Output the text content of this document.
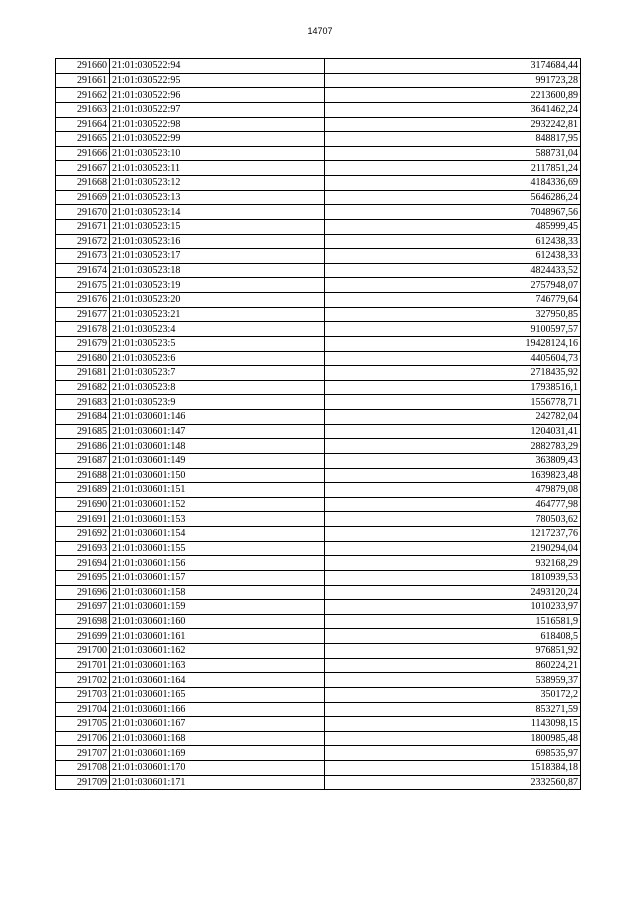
14707
291660	21:01:030522:94	3174684,44
291661	21:01:030522:95	991723,28
291662	21:01:030522:96	2213600,89
291663	21:01:030522:97	3641462,24
291664	21:01:030522:98	2932242,81
291665	21:01:030522:99	848817,95
291666	21:01:030523:10	588731,04
291667	21:01:030523:11	2117851,24
291668	21:01:030523:12	4184336,69
291669	21:01:030523:13	5646286,24
291670	21:01:030523:14	7048967,56
291671	21:01:030523:15	485999,45
291672	21:01:030523:16	612438,33
291673	21:01:030523:17	612438,33
291674	21:01:030523:18	4824433,52
291675	21:01:030523:19	2757948,07
291676	21:01:030523:20	746779,64
291677	21:01:030523:21	327950,85
291678	21:01:030523:4	9100597,57
291679	21:01:030523:5	19428124,16
291680	21:01:030523:6	4405604,73
291681	21:01:030523:7	2718435,92
291682	21:01:030523:8	17938516,1
291683	21:01:030523:9	1556778,71
291684	21:01:030601:146	242782,04
291685	21:01:030601:147	1204031,41
291686	21:01:030601:148	2882783,29
291687	21:01:030601:149	363809,43
291688	21:01:030601:150	1639823,48
291689	21:01:030601:151	479879,08
291690	21:01:030601:152	464777,98
291691	21:01:030601:153	780503,62
291692	21:01:030601:154	1217237,76
291693	21:01:030601:155	2190294,04
291694	21:01:030601:156	932168,29
291695	21:01:030601:157	1810939,53
291696	21:01:030601:158	2493120,24
291697	21:01:030601:159	1010233,97
291698	21:01:030601:160	1516581,9
291699	21:01:030601:161	618408,5
291700	21:01:030601:162	976851,92
291701	21:01:030601:163	860224,21
291702	21:01:030601:164	538959,37
291703	21:01:030601:165	350172,2
291704	21:01:030601:166	853271,59
291705	21:01:030601:167	1143098,15
291706	21:01:030601:168	1800985,48
291707	21:01:030601:169	698535,97
291708	21:01:030601:170	1518384,18
291709	21:01:030601:171	2332560,87
